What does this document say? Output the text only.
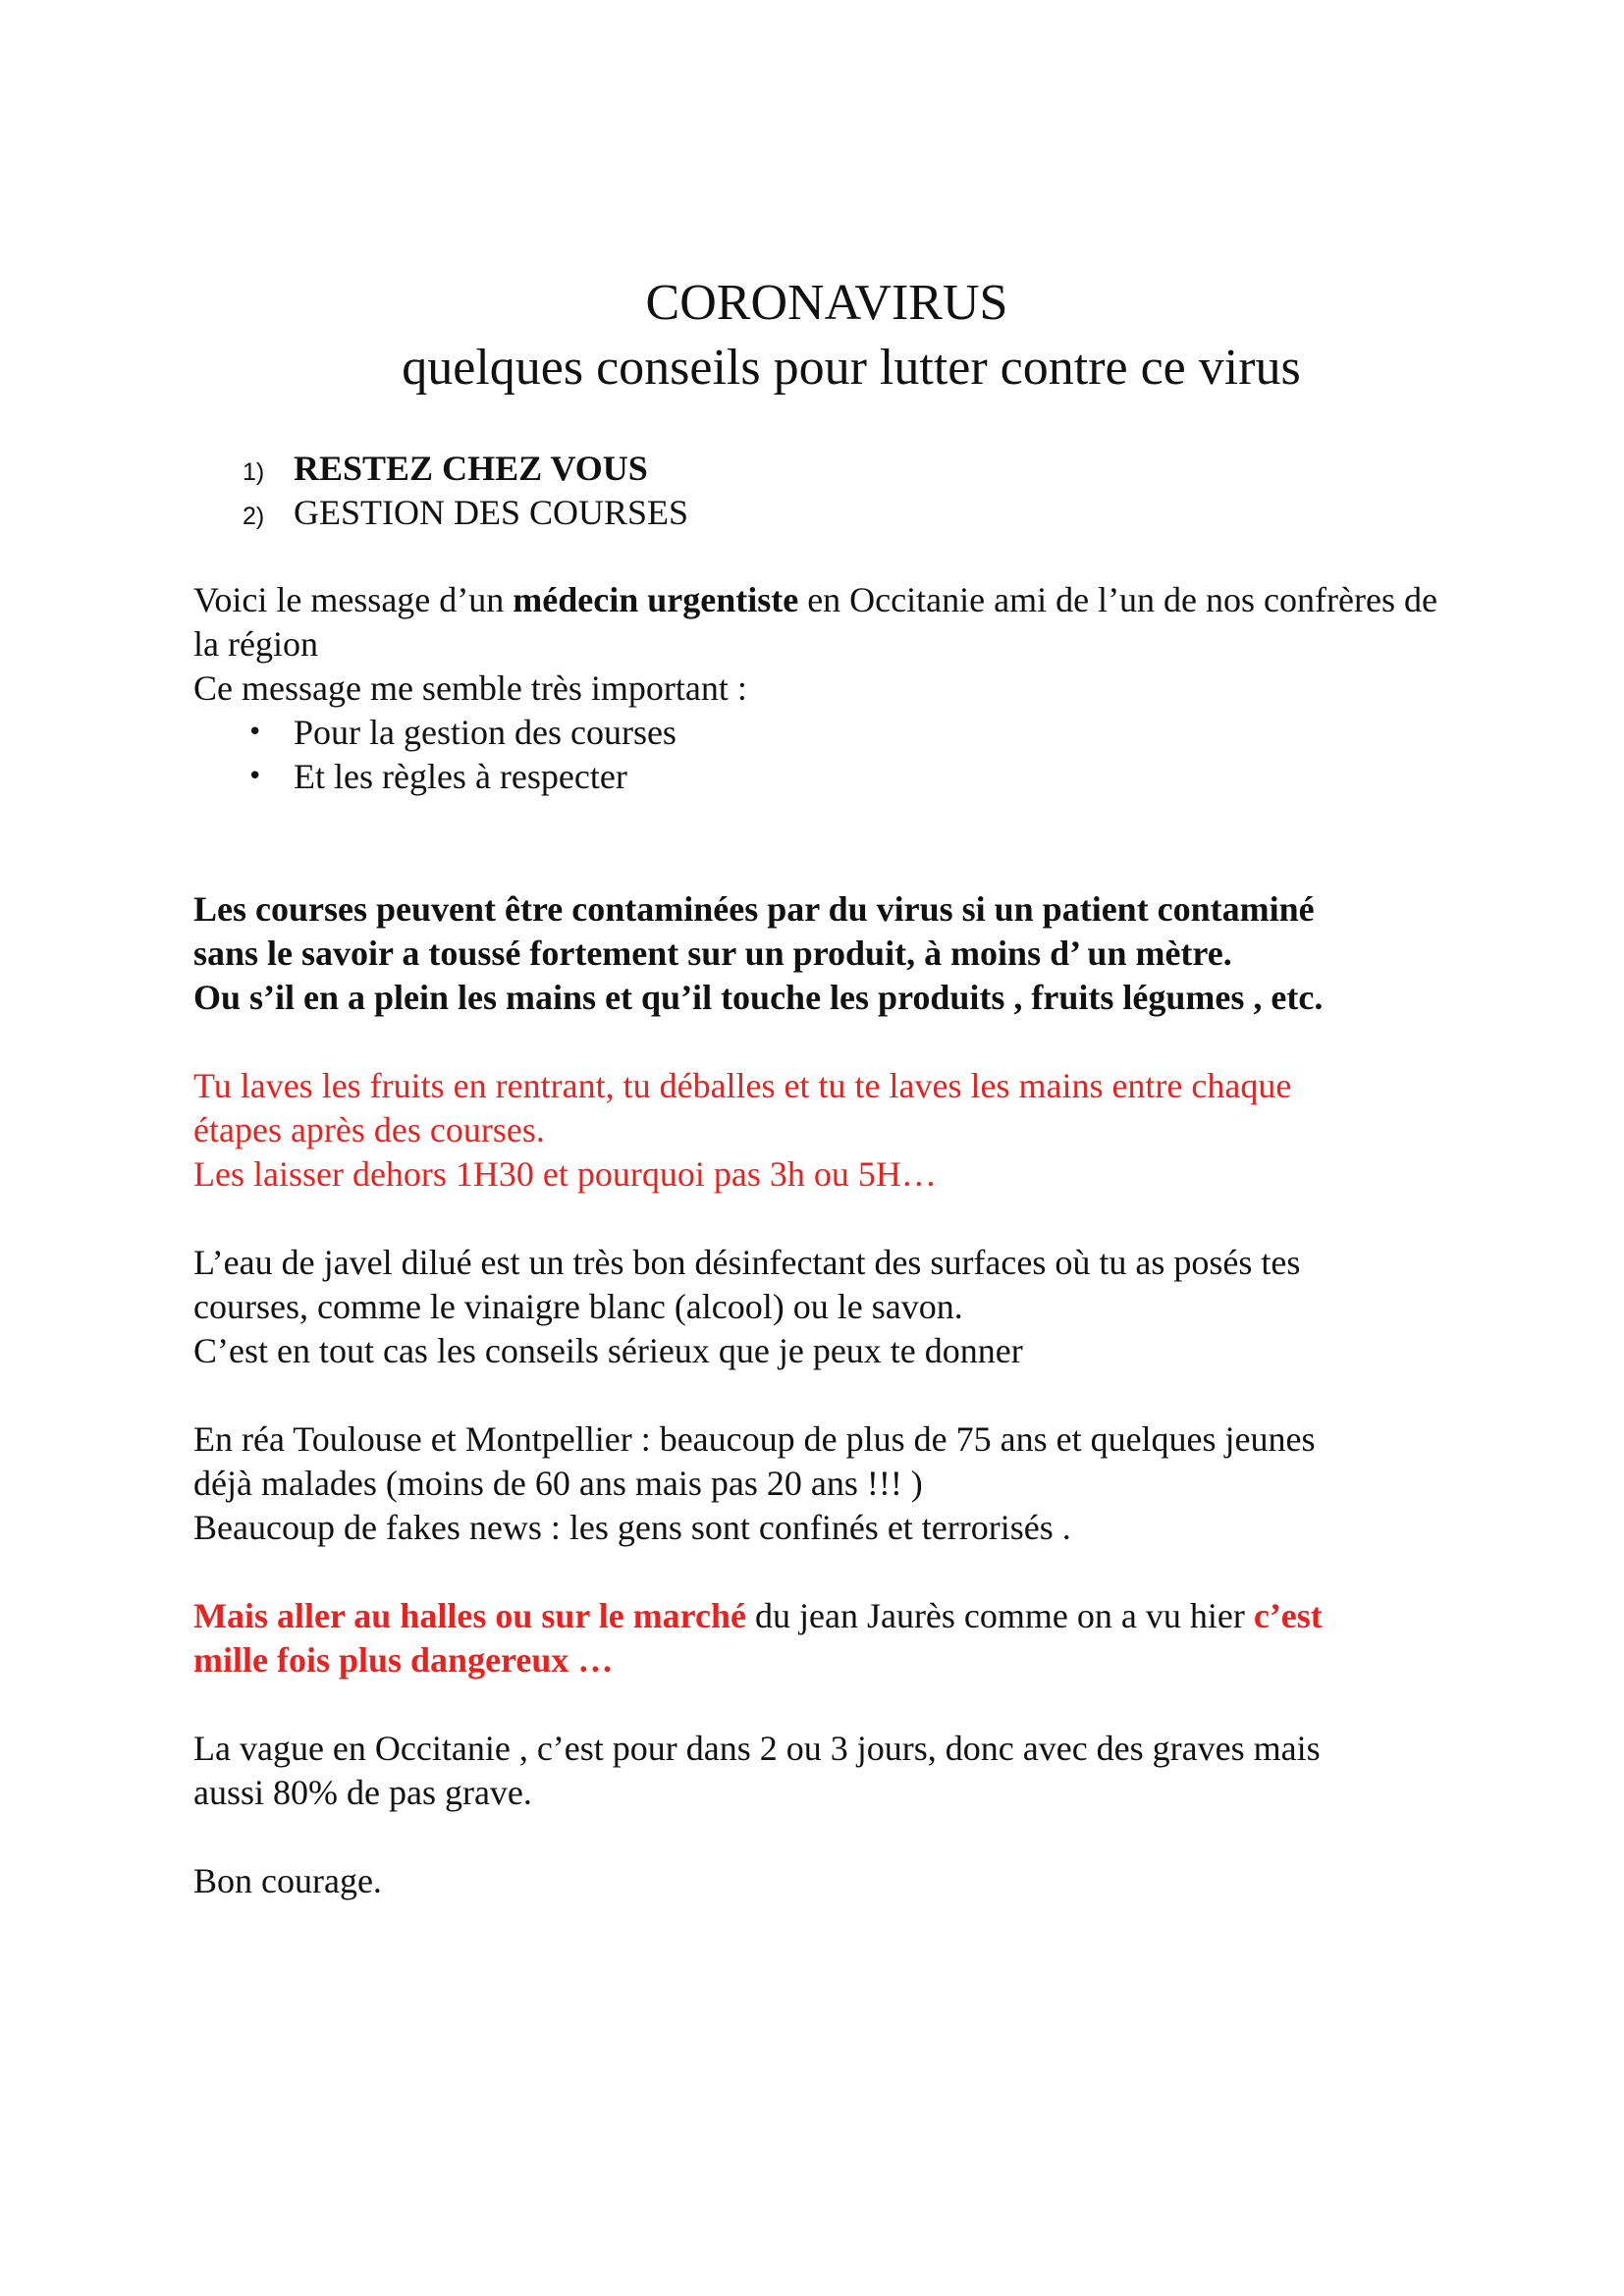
CORONAVIRUS
quelques conseils pour lutter contre ce virus
1) RESTEZ CHEZ VOUS
2) GESTION DES COURSES

Voici le message d’un médecin urgentiste en Occitanie ami de l’un de nos confrères de la région
Ce message me semble très important :

• Pour la gestion des courses
• Et les règles à respecter

Les courses peuvent être contaminées par du virus si un patient contaminé
sans le savoir a toussé fortement sur un produit, à moins d’ un mètre.
Ou s’il en a plein les mains et qu’il touche les produits , fruits légumes , etc.

Tu laves les fruits en rentrant, tu déballes et tu te laves les mains entre chaque
étapes après des courses.
Les laisser dehors 1H30 et pourquoi pas 3h ou 5H…

L’eau de javel dilué est un très bon désinfectant des surfaces où tu as posés tes
courses, comme le vinaigre blanc (alcool) ou le savon.
C’est en tout cas les conseils sérieux que je peux te donner

En réa Toulouse et Montpellier : beaucoup de plus de 75 ans et quelques jeunes
déjà malades (moins de 60 ans mais pas 20 ans !!! )
Beaucoup de fakes news : les gens sont confinés et terrorisés .

Mais aller au halles ou sur le marché du jean Jaurès comme on a vu hier c’est
mille fois plus dangereux …

La vague en Occitanie , c’est pour dans 2 ou 3 jours, donc avec des graves mais
aussi 80% de pas grave.

Bon courage.
